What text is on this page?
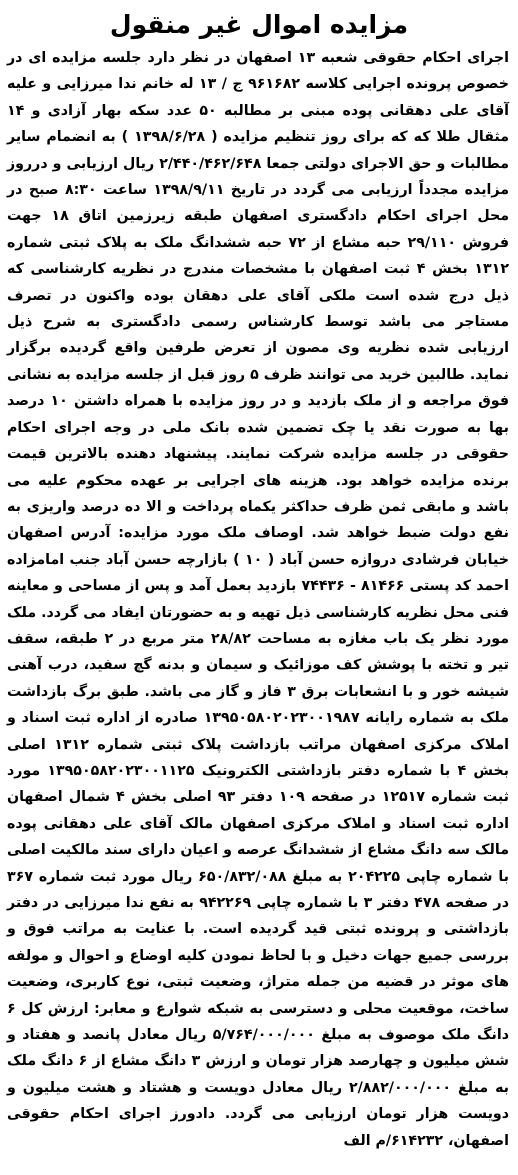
مزایده اموال غیر منقول

اجرای احکام حقوقی شعبه ۱۳ اصفهان در نظر دارد جلسه مزایده ای در خصوص پرونده اجرایی کلاسه ۹۶۱۶۸۲ ج / ۱۳ له خانم ندا میرزایی و علیه آقای علی دهقانی پوده مبنی بر مطالبه ۵۰ عدد سکه بهار آزادی و ۱۴ مثقال طلا که که برای روز تنظیم مزایده ( ۱۳۹۸/۶/۲۸ ) به انضمام سایر مطالبات و حق الاجرای دولتی جمعا ۲/۴۴۰/۴۶۲/۶۴۸ ریال ارزیابی و درروز مزایده مجدداً ارزیابی می گردد در تاریخ ۱۳۹۸/۹/۱۱ ساعت ۸:۳۰ صبح در محل اجرای احکام دادگستری اصفهان طبقه زیرزمین اتاق ۱۸ جهت فروش ۲۹/۱۱۰ حبه مشاع از ۷۲ حبه ششدانگ ملک به پلاک ثبتی شماره ۱۳۱۲ بخش ۴ ثبت اصفهان با مشخصات مندرج در نظریه کارشناسی که ذیل درج شده است ملکی آقای علی دهقان بوده واکنون در تصرف مستاجر می باشد توسط کارشناس رسمی دادگستری به شرح ذیل ارزیابی شده نظریه وی مصون از تعرض طرفین واقع گردیده برگزار نماید. طالبین خرید می توانند ظرف ۵ روز قبل از جلسه مزایده به نشانی فوق مراجعه و از ملک بازدید و در روز مزایده با همراه داشتن ۱۰ درصد بها به صورت نقد یا چک تضمین شده بانک ملی در وجه اجرای احکام حقوقی در جلسه مزایده شرکت نمایند. پیشنهاد دهنده بالاترین قیمت برنده مزایده خواهد بود. هزینه های اجرایی بر عهده محکوم علیه می باشد و مابقی ثمن ظرف حداکثر یکماه پرداخت و الا ده درصد واریزی به نفع دولت ضبط خواهد شد. اوصاف ملک مورد مزایده: آدرس اصفهان خیابان فرشادی دروازه حسن آباد ( ۱۰ ) بازارچه حسن آباد جنب امامزاده احمد کد پستی ۸۱۴۶۶ - ۷۴۴۳۶ بازدید بعمل آمد و پس از مساحی و معاینه فنی محل نظریه کارشناسی ذیل تهیه و به حضورتان ایفاد می گردد. ملک مورد نظر یک باب مغازه به مساحت ۲۸/۸۲ متر مربع در ۲ طبقه، سقف تیر و تخته با پوشش کف موزائیک و سیمان و بدنه گچ سفید، درب آهنی شیشه خور و با انشعابات برق ۳ فاز و گاز می باشد. طبق برگ بازداشت ملک به شماره رایانه ۱۳۹۵۰۵۸۰۲۰۲۳۰۰۱۹۸۷ صادره از اداره ثبت اسناد و املاک مرکزی اصفهان مراتب بازداشت پلاک ثبتی شماره ۱۳۱۲ اصلی بخش ۴ با شماره دفتر بازداشتی الکترونیک ۱۳۹۵۰۵۸۲۰۲۳۰۰۱۱۲۵ مورد ثبت شماره ۱۲۵۱۷ در صفحه ۱۰۹ دفتر ۹۳ اصلی بخش ۴ شمال اصفهان اداره ثبت اسناد و املاک مرکزی اصفهان مالک آقای علی دهقانی پوده مالک سه دانگ مشاع از ششدانگ عرصه و اعیان دارای سند مالکیت اصلی با شماره چاپی ۲۰۴۲۲۵ به مبلغ ۶۵۰/۸۳۲/۰۸۸ ریال مورد ثبت شماره ۳۶۷ در صفحه ۴۷۸ دفتر ۳ با شماره چاپی ۹۴۲۲۶۹ به نفع ندا میرزایی در دفتر بازداشتی و پرونده ثبتی قید گردیده است. با عنایت به مراتب فوق و بررسی جمیع جهات دخیل و با لحاظ نمودن کلیه اوضاع و احوال و مولفه های موثر در قضیه من جمله متراژ، وضعیت ثبتی، نوع کاربری، وضعیت ساخت، موقعیت محلی و دسترسی به شبکه شوارع و معابر: ارزش کل ۶ دانگ ملک موصوف به مبلغ ۵/۷۶۴/۰۰۰/۰۰۰ ریال معادل پانصد و هفتاد و شش میلیون و چهارصد هزار تومان و ارزش ۳ دانگ مشاع از ۶ دانگ ملک به مبلغ ۲/۸۸۲/۰۰۰/۰۰۰ ریال معادل دویست و هشتاد و هشت میلیون و دویست هزار تومان ارزیابی می گردد. دادورز اجرای احکام حقوقی اصفهان، ۶۱۴۲۳۲/م الف
